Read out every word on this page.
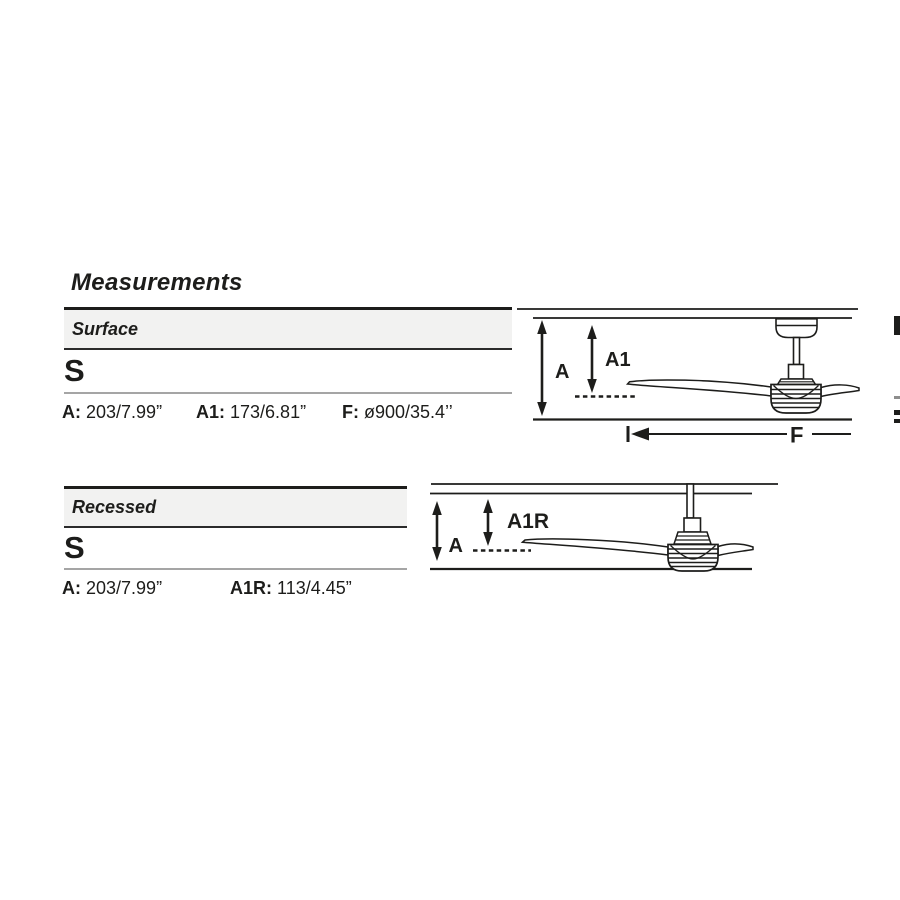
Measurements
Surface
S
A: 203/7.99” A1: 173/6.81” F: ø900/35.4’’
A
A1
F
Recessed
S
A: 203/7.99”	A1R: 113/4.45”
A
A1R
